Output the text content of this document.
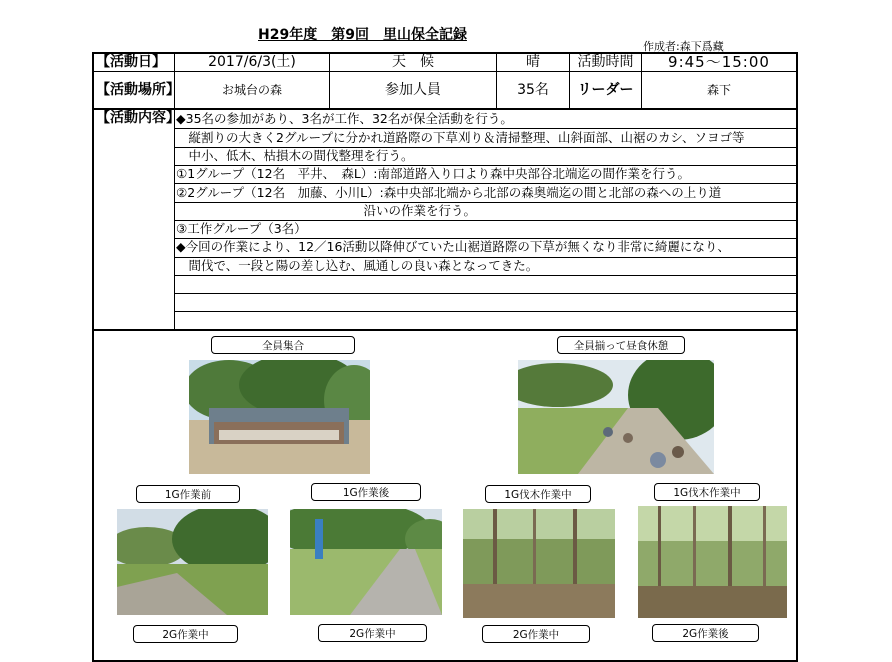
H29年度　第9回　里山保全記録
作成者:森下爲藏
【活動日】	2017/6/3(土)	天　候	晴	活動時間	9:45～15:00
【活動場所】	お城台の森	参加人員	35名	リーダー	森下
【活動内容】
◆35名の参加があり、3名が工作、32名が保全活動を行う。
　縦割りの大きく2グループに分かれ道路際の下草刈り＆清掃整理、山斜面部、山裾のカシ、ソヨゴ等
　中小、低木、枯損木の間伐整理を行う。
①1グループ（12名　平井、　森L）:南部道路入り口より森中央部谷北端迄の間作業を行う。
②2グループ（12名　加藤、小川L）:森中央部北端から北部の森奥端迄の間と北部の森への上り道
　　　　　　　　　　　　　　　沿いの作業を行う。
③工作グループ（3名）
◆今回の作業により、12／16活動以降伸びていた山裾道路際の下草が無くなり非常に綺麗になり、
　間伐で、一段と陽の差し込む、風通しの良い森となってきた。
全員集合	全員揃って昼食休憩
1G作業前	1G作業後	1G伐木作業中	1G伐木作業中
2G作業中	2G作業中	2G作業中	2G作業後
